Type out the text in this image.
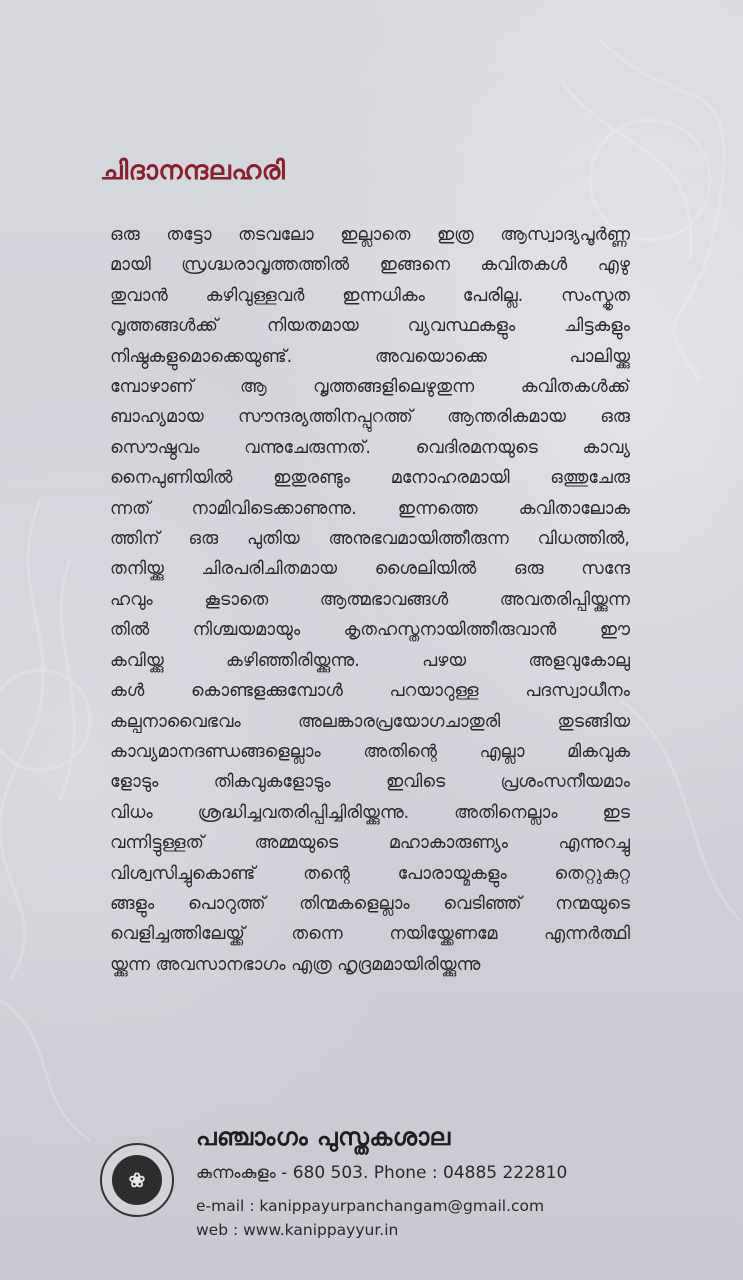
ചിദാനന്ദലഹരി
ഒരു തട്ടോ തടവലോ ഇല്ലാതെ ഇത്ര ആസ്വാദ്യപൂർണ്ണ
മായി സ്രഗ്ദ്ധരാവൃത്തത്തിൽ ഇങ്ങനെ കവിതകൾ എഴു
തുവാൻ കഴിവുള്ളവർ ഇന്നധികം പേരില്ല. സംസ്കൃത
വൃത്തങ്ങൾക്ക് നിയതമായ വ്യവസ്ഥകളും ചിട്ടകളും
നിഷ്ഠകളുമൊക്കെയുണ്ട്. അവയൊക്കെ പാലിയ്ക്കു
മ്പോഴാണ് ആ വൃത്തങ്ങളിലെഴുതുന്ന കവിതകൾക്ക്
ബാഹ്യമായ സൗന്ദര്യത്തിനപ്പുറത്ത് ആന്തരികമായ ഒരു
സൌഷ്ഠവം വന്നുചേരുന്നത്. വെദിരമനയുടെ കാവ്യ
നൈപുണിയിൽ ഇതുരണ്ടും മനോഹരമായി ഒത്തുചേരു
ന്നത് നാമിവിടെക്കാണുന്നു. ഇന്നത്തെ കവിതാലോക
ത്തിന് ഒരു പുതിയ അനുഭവമായിത്തീരുന്ന വിധത്തിൽ,
തനിയ്ക്കു ചിരപരിചിതമായ ശൈലിയിൽ ഒരു സന്ദേ
ഹവും കൂടാതെ ആത്മഭാവങ്ങൾ അവതരിപ്പിയ്ക്കുന്ന
തിൽ നിശ്ചയമായും കൃതഹസ്തനായിത്തീരുവാൻ ഈ
കവിയ്ക്കു കഴിഞ്ഞിരിയ്ക്കുന്നു. പഴയ അളവുകോലു
കൾ കൊണ്ടളക്കുമ്പോൾ പറയാറുള്ള പദസ്വാധീനം
കല്പനാവൈഭവം അലങ്കാരപ്രയോഗചാതുരി തുടങ്ങിയ
കാവ്യമാനദണ്ഡങ്ങളെല്ലാം അതിന്റെ എല്ലാ മികവുക
ളോടും തികവുകളോടും ഇവിടെ പ്രശംസനീയമാം
വിധം ശ്രദ്ധിച്ചവതരിപ്പിച്ചിരിയ്ക്കുന്നു. അതിനെല്ലാം ഇട
വന്നിട്ടുള്ളത് അമ്മയുടെ മഹാകാരുണ്യം എന്നുറച്ചു
വിശ്വസിച്ചുകൊണ്ട് തന്റെ പോരായ്മകളും തെറ്റുകുറ്റ
ങ്ങളും പൊറുത്ത് തിന്മകളെല്ലാം വെടിഞ്ഞ് നന്മയുടെ
വെളിച്ചത്തിലേയ്ക്ക് തന്നെ നയിയ്ക്കേണമേ എന്നർത്ഥി
യ്ക്കുന്ന അവസാനഭാഗം എത്ര ഹൃദ്രമമായിരിയ്ക്കുന്നു
❀
പഞ്ചാംഗം പുസ്തകശാല
കുന്നംകുളം - 680 503. Phone : 04885 222810
e-mail : kanippayurpanchangam@gmail.com
web : www.kanippayyur.in
